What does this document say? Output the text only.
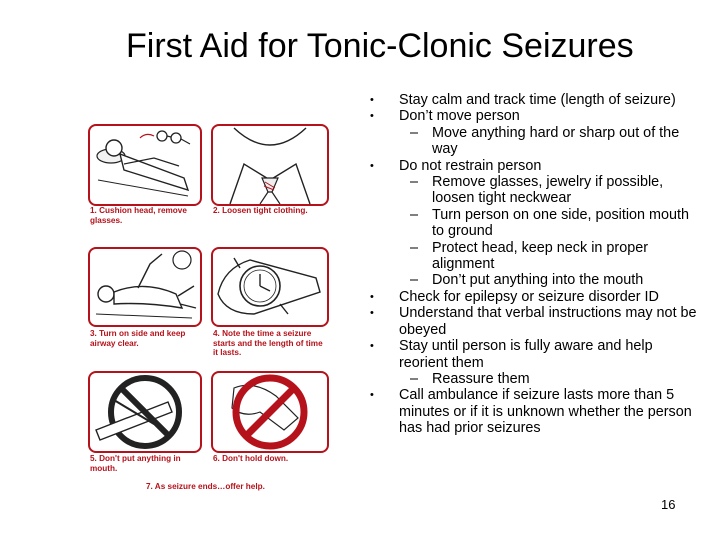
First Aid for Tonic-Clonic Seizures
1. Cushion head, remove glasses.
2. Loosen tight clothing.
3. Turn on side and keep airway clear.
4. Note the time a seizure starts and the length of time it lasts.
5. Don't put anything in mouth.
6. Don't hold down.
7. As seizure ends…offer help.
• Stay calm and track time (length of seizure)
• Don’t move person
– Move anything hard or sharp out of the way
• Do not restrain person
– Remove glasses, jewelry if possible, loosen tight neckwear
– Turn person on one side, position mouth to ground
– Protect head, keep neck in proper alignment
– Don’t put anything into the mouth
• Check for epilepsy or seizure disorder ID
• Understand that verbal instructions may not be obeyed
• Stay until person is fully aware and help reorient them
– Reassure them
• Call ambulance if seizure lasts more than 5 minutes or if it is unknown whether the person has had prior seizures
16
